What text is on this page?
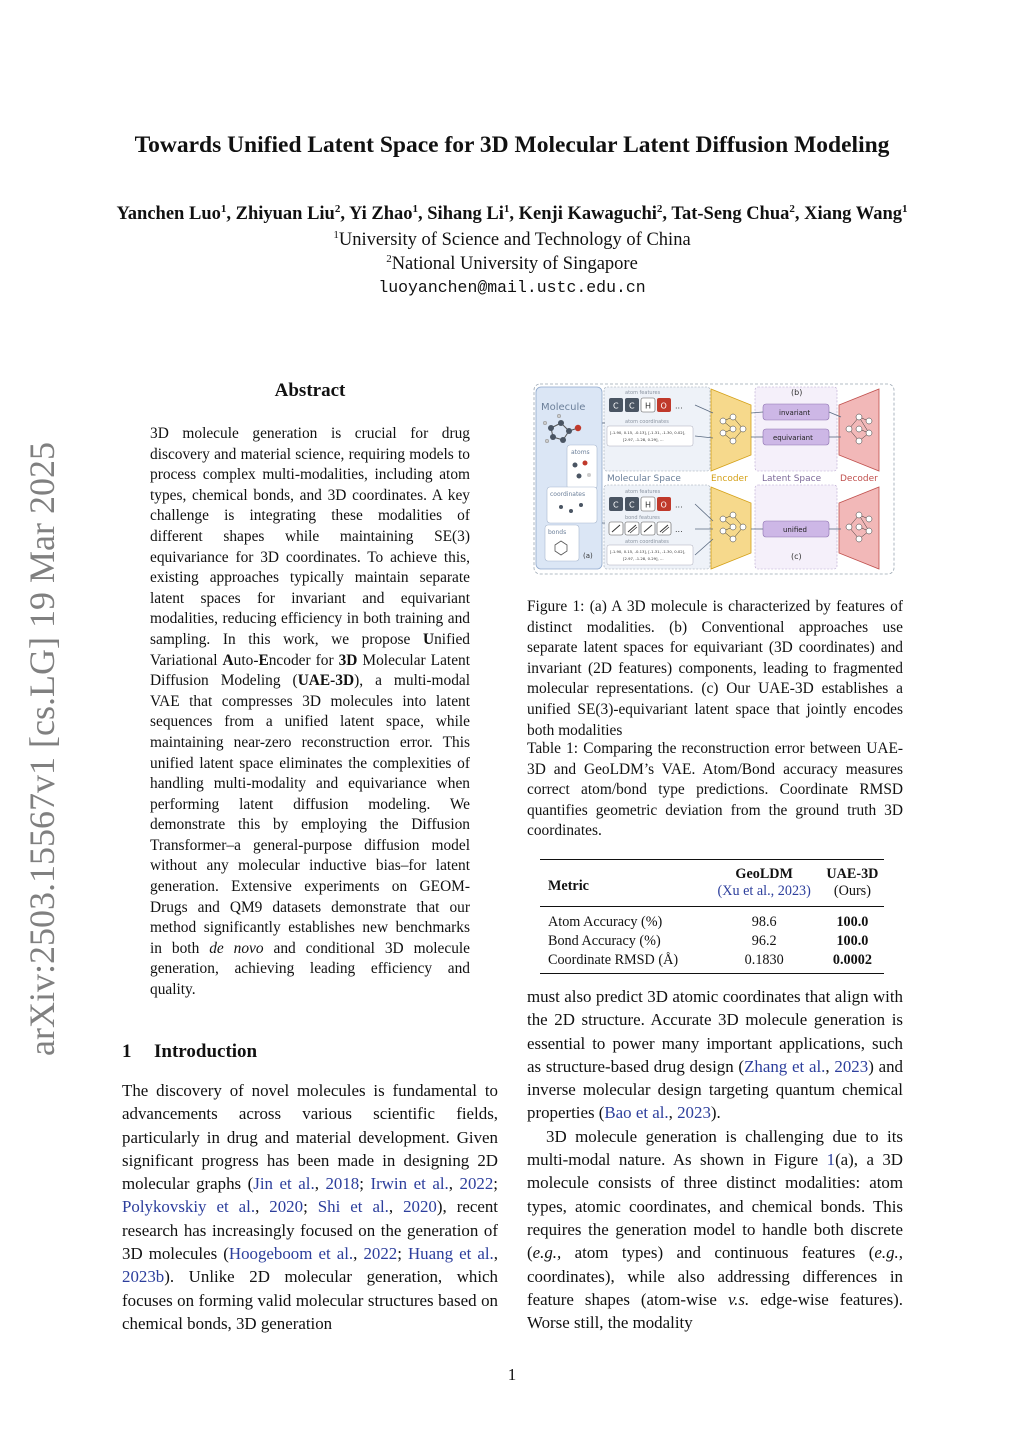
arXiv:2503.15567v1 [cs.LG] 19 Mar 2025
Towards Unified Latent Space for 3D Molecular Latent Diffusion Modeling
Yanchen Luo$^1$, Zhiyuan Liu$^2$, Yi Zhao$^1$, Sihang Li$^1$, Kenji Kawaguchi$^2$, Tat-Seng Chua$^2$, Xiang Wang$^1$
$^1$University of Science and Technology of China
$^2$National University of Singapore
luoyanchen@mail.ustc.edu.cn
Abstract
3D molecule generation is crucial for drug discovery and material science, requiring models to process complex multi-modalities, including atom types, chemical bonds, and 3D coordinates. A key challenge is integrating these modalities of different shapes while maintaining SE(3) equivariance for 3D coordinates. To achieve this, existing approaches typically maintain separate latent spaces for invariant and equivariant modalities, reducing efficiency in both training and sampling. In this work, we propose Unified Variational Auto-Encoder for 3D Molecular Latent Diffusion Modeling (UAE-3D), a multi-modal VAE that compresses 3D molecules into latent sequences from a unified latent space, while maintaining near-zero reconstruction error. This unified latent space eliminates the complexities of handling multi-modality and equivariance when performing latent diffusion modeling. We demonstrate this by employing the Diffusion Transformer–a general-purpose diffusion model without any molecular inductive bias–for latent generation. Extensive experiments on GEOM-Drugs and QM9 datasets demonstrate that our method significantly establishes new benchmarks in both de novo and conditional 3D molecule generation, achieving leading efficiency and quality.
1 Introduction
The discovery of novel molecules is fundamental to advancements across various scientific fields, particularly in drug and material development. Given significant progress has been made in designing 2D molecular graphs (Jin et al., 2018; Irwin et al., 2022; Polykovskiy et al., 2020; Shi et al., 2020), recent research has increasingly focused on the generation of 3D molecules (Hoogeboom et al., 2022; Huang et al., 2023b). Unlike 2D molecular generation, which focuses on forming valid molecular structures based on chemical bonds, 3D generation
Molecule
atoms
coordinates
bonds
(a)
atom features
C C H O ...
atom coordinates
[-1.90, 0.15, -0.13], [-1.31, -1.30, 0.02],
[2.97, -1.28, 0.29], ...
Molecular Space	Encoder Latent Space Decoder
atom features
C C H O ...
bond features
...
atom coordinates
[-1.90, 0.15, -0.13], [-1.31, -1.30, 0.02],
[2.97, -1.28, 0.29], ...
(b)
invariant
equivariant
unified
(c)
Figure 1: (a) A 3D molecule is characterized by features of distinct modalities. (b) Conventional approaches use separate latent spaces for equivariant (3D coordinates) and invariant (2D features) components, leading to fragmented molecular representations. (c) Our UAE-3D establishes a unified SE(3)-equivariant latent space that jointly encodes both modalities
Table 1: Comparing the reconstruction error between UAE-3D and GeoLDM’s VAE. Atom/Bond accuracy measures correct atom/bond type predictions. Coordinate RMSD quantifies geometric deviation from the ground truth 3D coordinates.
Metric	GeoLDM	UAE-3D
	(Xu et al., 2023)	(Ours)
Atom Accuracy (%)	98.6	100.0
Bond Accuracy (%)	96.2	100.0
Coordinate RMSD (Å)	0.1830	0.0002
must also predict 3D atomic coordinates that align with the 2D structure. Accurate 3D molecule generation is essential to power many important applications, such as structure-based drug design (Zhang et al., 2023) and inverse molecular design targeting quantum chemical properties (Bao et al., 2023).
3D molecule generation is challenging due to its multi-modal nature. As shown in Figure 1(a), a 3D molecule consists of three distinct modalities: atom types, atomic coordinates, and chemical bonds. This requires the generation model to handle both discrete (e.g., atom types) and continuous features (e.g., coordinates), while also addressing differences in feature shapes (atom-wise v.s. edge-wise features). Worse still, the modality
1
